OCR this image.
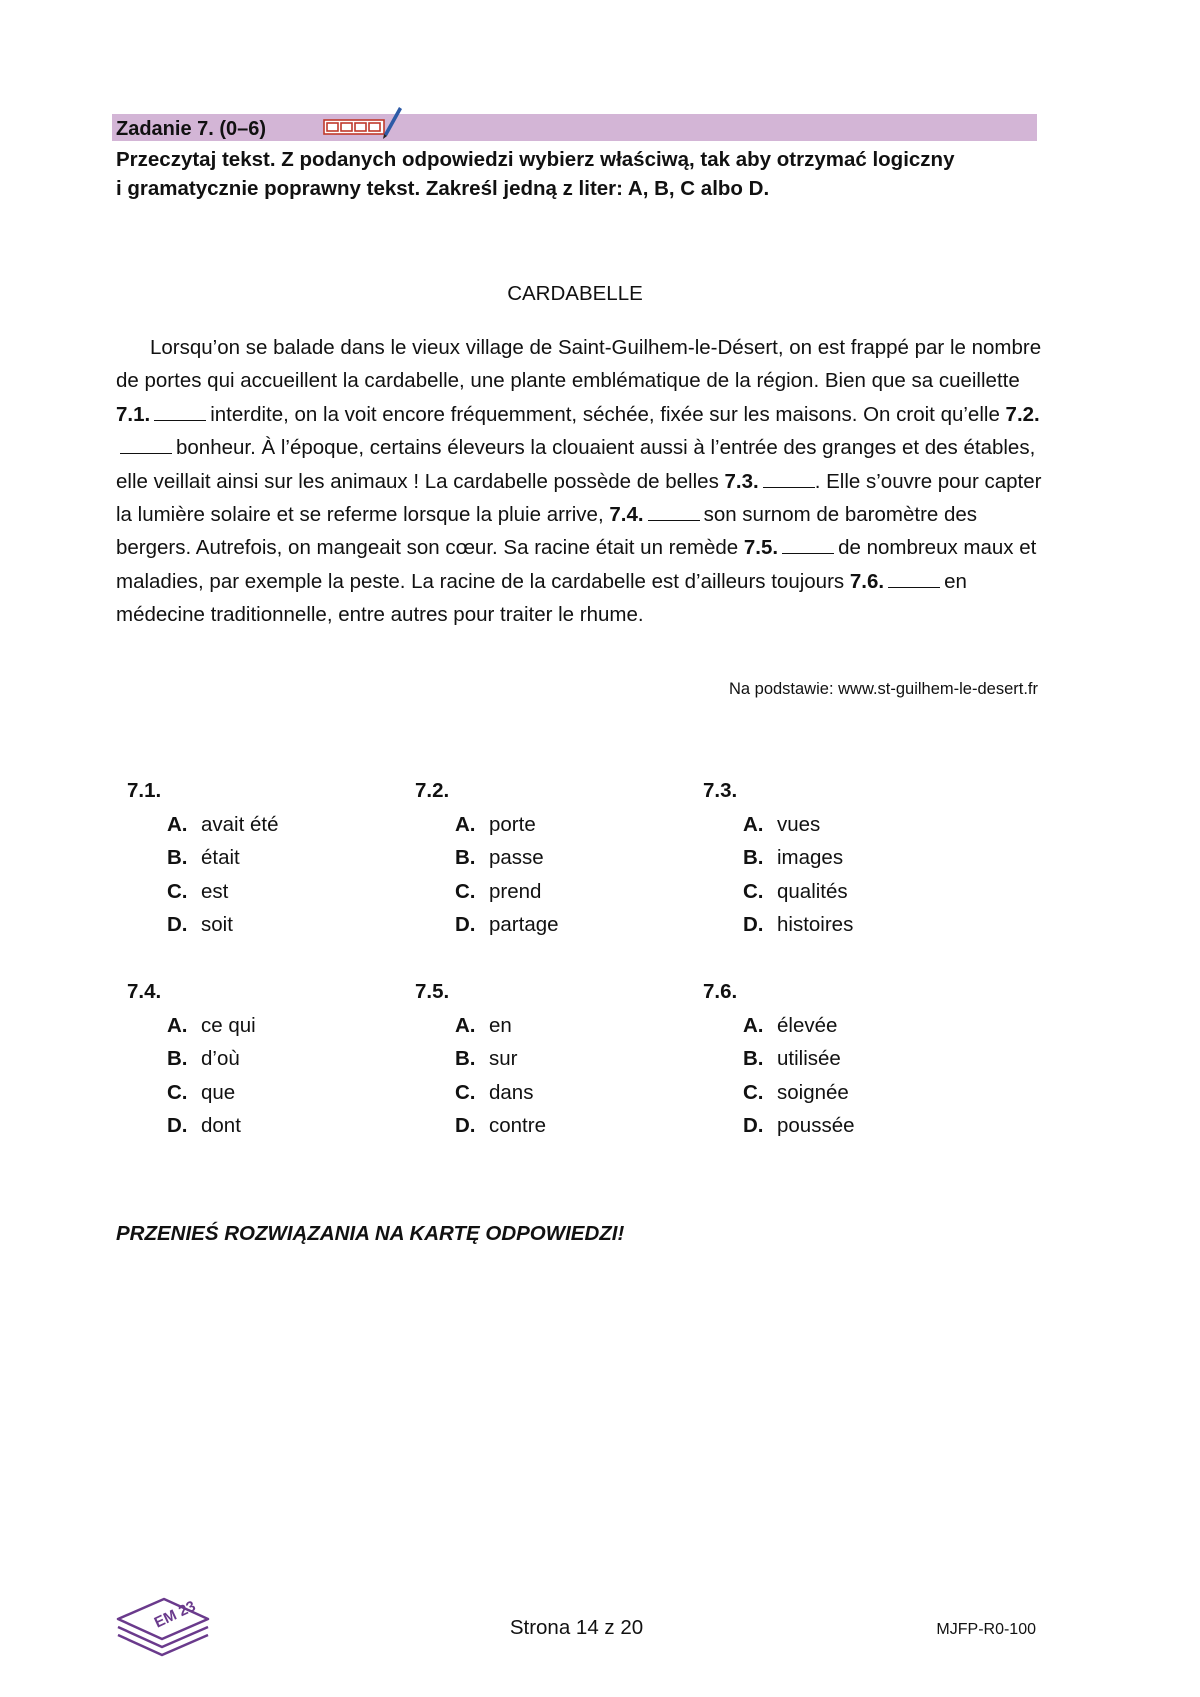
Zadanie 7. (0–6)
Przeczytaj tekst. Z podanych odpowiedzi wybierz właściwą, tak aby otrzymać logiczny
i gramatycznie poprawny tekst. Zakreśl jedną z liter: A, B, C albo D.
CARDABELLE

Lorsqu’on se balade dans le vieux village de Saint-Guilhem-le-Désert, on est frappé par le nombre de portes qui accueillent la cardabelle, une plante emblématique de la région. Bien que sa cueillette 7.1.	interdite, on la voit encore fréquemment, séchée, fixée sur les maisons. On croit qu’elle 7.2.bonheur. À l’époque, certains éleveurs la clouaient aussi à l’entrée des granges et des étables, elle veillait ainsi sur les animaux ! La cardabelle possède de belles 7.3.	. Elle s’ouvre pour capter la lumière solaire et se referme lorsque la pluie arrive, 7.4.	son surnom de baromètre des bergers. Autrefois, on mangeait son cœur. Sa racine était un remède 7.5.	de nombreux maux et maladies, par exemple la peste. La racine de la cardabelle est d’ailleurs toujours 7.6.	en médecine traditionnelle, entre autres pour traiter le rhume.

Na podstawie: www.st-guilhem-le-desert.fr
7.1.
A. avait été
B. était
C. est
D. soit
7.2.
A. porte
B. passe
C. prend
D. partage
7.3.
A. vues
B. images
C. qualités
D. histoires
7.4.
A. ce qui
B. d’où
C. que
D. dont
7.5.
A. en
B. sur
C. dans
D. contre
7.6.
A. élevée
B. utilisée
C. soignée
D. poussée
PRZENIEŚ ROZWIĄZANIA NA KARTĘ ODPOWIEDZI!
EM 23	Strona 14 z 20	MJFP-R0-100
